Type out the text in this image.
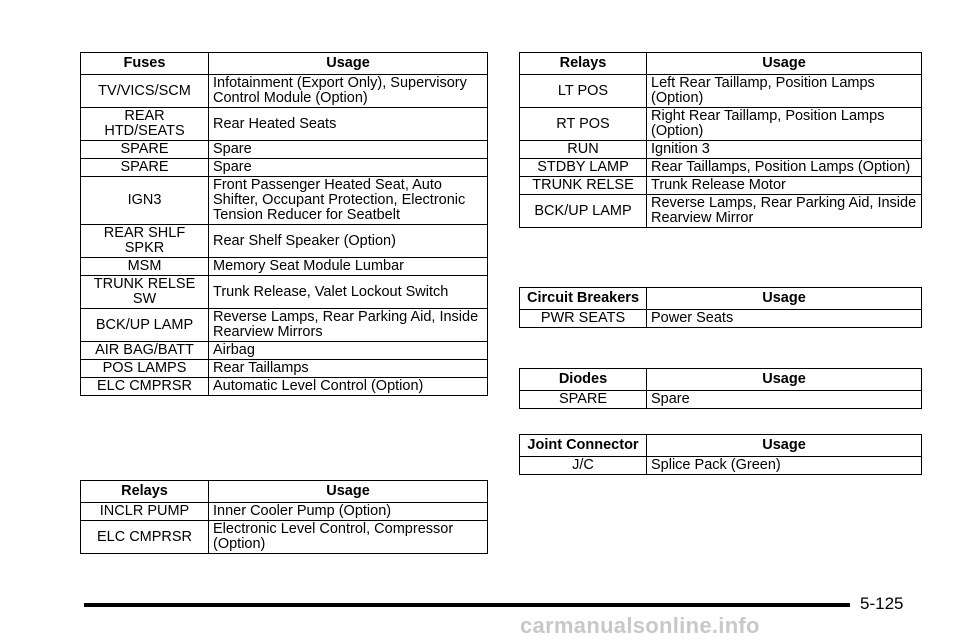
Fuses	Usage
TV/VICS/SCM	Infotainment (Export Only), Supervisory Control Module (Option)
REAR HTD/SEATS	Rear Heated Seats
SPARE	Spare
SPARE	Spare
IGN3	Front Passenger Heated Seat, Auto Shifter, Occupant Protection, Electronic Tension Reducer for Seatbelt
REAR SHLF SPKR	Rear Shelf Speaker (Option)
MSM	Memory Seat Module Lumbar
TRUNK RELSE SW	Trunk Release, Valet Lockout Switch
BCK/UP LAMP	Reverse Lamps, Rear Parking Aid, Inside Rearview Mirrors
AIR BAG/BATT	Airbag
POS LAMPS	Rear Taillamps
ELC CMPRSR	Automatic Level Control (Option)
Relays	Usage
INCLR PUMP	Inner Cooler Pump (Option)
ELC CMPRSR	Electronic Level Control, Compressor (Option)
Relays	Usage
LT POS	Left Rear Taillamp, Position Lamps (Option)
RT POS	Right Rear Taillamp, Position Lamps (Option)
RUN	Ignition 3
STDBY LAMP	Rear Taillamps, Position Lamps (Option)
TRUNK RELSE	Trunk Release Motor
BCK/UP LAMP	Reverse Lamps, Rear Parking Aid, Inside Rearview Mirror
Circuit Breakers	Usage
PWR SEATS	Power Seats
Diodes	Usage
SPARE	Spare
Joint Connector	Usage
J/C	Splice Pack (Green)
5-125
carmanualsonline.info
